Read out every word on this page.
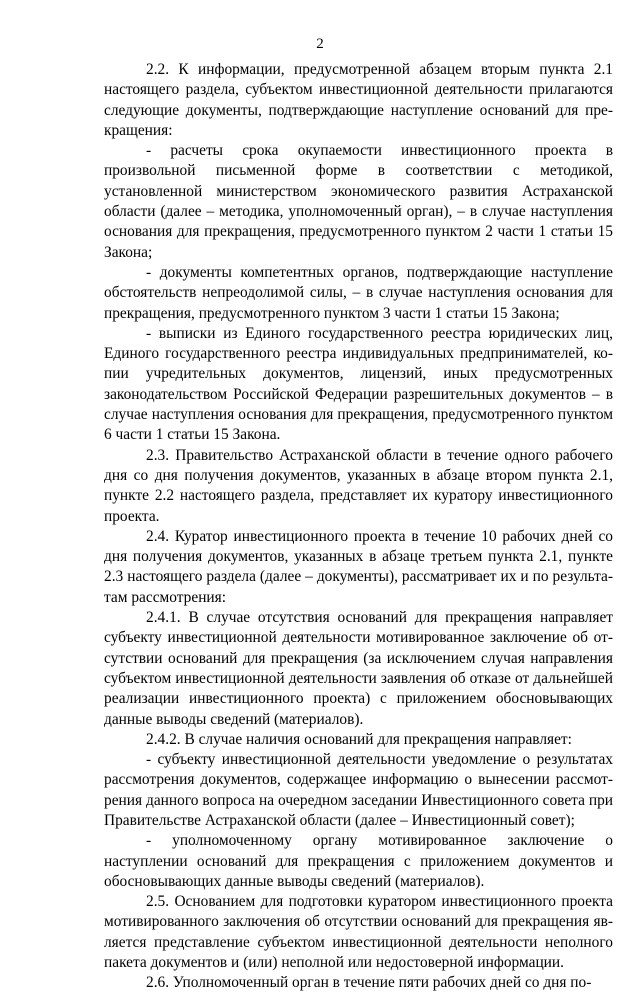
2

2.2. К информации, предусмотренной абзацем вторым пункта 2.1 настоящего раздела, субъектом инвестиционной деятельности прилагаются следующие документы, подтверждающие наступление оснований для прекращения:

- расчеты срока окупаемости инвестиционного проекта в произвольной письменной форме в соответствии с методикой, установленной министерством экономического развития Астраханской области (далее – методика, уполномоченный орган), – в случае наступления основания для прекращения, предусмотренного пунктом 2 части 1 статьи 15 Закона;

- документы компетентных органов, подтверждающие наступление обстоятельств непреодолимой силы, – в случае наступления основания для прекращения, предусмотренного пунктом 3 части 1 статьи 15 Закона;

- выписки из Единого государственного реестра юридических лиц, Единого государственного реестра индивидуальных предпринимателей, копии учредительных документов, лицензий, иных предусмотренных законодательством Российской Федерации разрешительных документов – в случае наступления основания для прекращения, предусмотренного пунктом 6 части 1 статьи 15 Закона.

2.3. Правительство Астраханской области в течение одного рабочего дня со дня получения документов, указанных в абзаце втором пункта 2.1, пункте 2.2 настоящего раздела, представляет их куратору инвестиционного проекта.

2.4. Куратор инвестиционного проекта в течение 10 рабочих дней со дня получения документов, указанных в абзаце третьем пункта 2.1, пункте 2.3 настоящего раздела (далее – документы), рассматривает их и по результатам рассмотрения:

2.4.1. В случае отсутствия оснований для прекращения направляет субъекту инвестиционной деятельности мотивированное заключение об отсутствии оснований для прекращения (за исключением случая направления субъектом инвестиционной деятельности заявления об отказе от дальнейшей реализации инвестиционного проекта) с приложением обосновывающих данные выводы сведений (материалов).

2.4.2. В случае наличия оснований для прекращения направляет:

- субъекту инвестиционной деятельности уведомление о результатах рассмотрения документов, содержащее информацию о вынесении рассмотрения данного вопроса на очередном заседании Инвестиционного совета при Правительстве Астраханской области (далее – Инвестиционный совет);

- уполномоченному органу мотивированное заключение о наступлении оснований для прекращения с приложением документов и обосновывающих данные выводы сведений (материалов).

2.5. Основанием для подготовки куратором инвестиционного проекта мотивированного заключения об отсутствии оснований для прекращения является представление субъектом инвестиционной деятельности неполного пакета документов и (или) неполной или недостоверной информации.

2.6. Уполномоченный орган в течение пяти рабочих дней со дня по-
